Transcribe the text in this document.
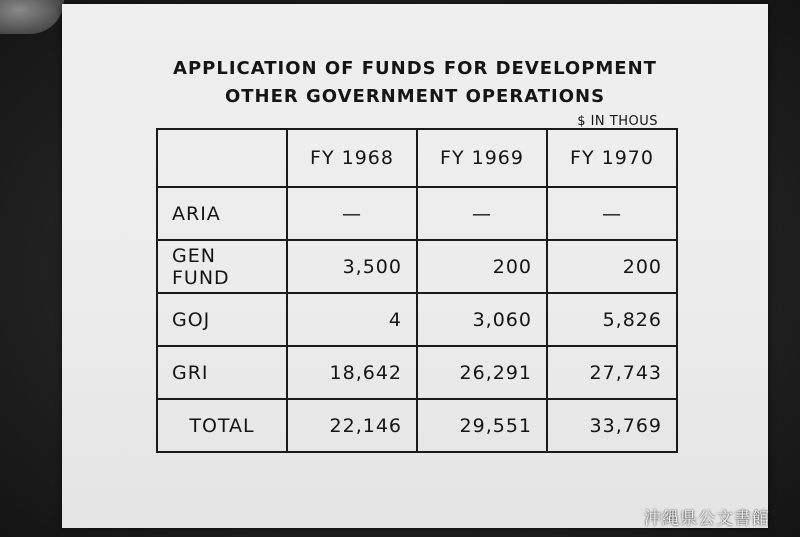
APPLICATION OF FUNDS FOR DEVELOPMENT
OTHER GOVERNMENT OPERATIONS
$ IN THOUS
	FY 1968	FY 1969	FY 1970
ARIA	—	—	—
GEN FUND	3,500	200	200
GOJ	4	3,060	5,826
GRI	18,642	26,291	27,743
TOTAL	22,146	29,551	33,769
沖縄県公文書館
